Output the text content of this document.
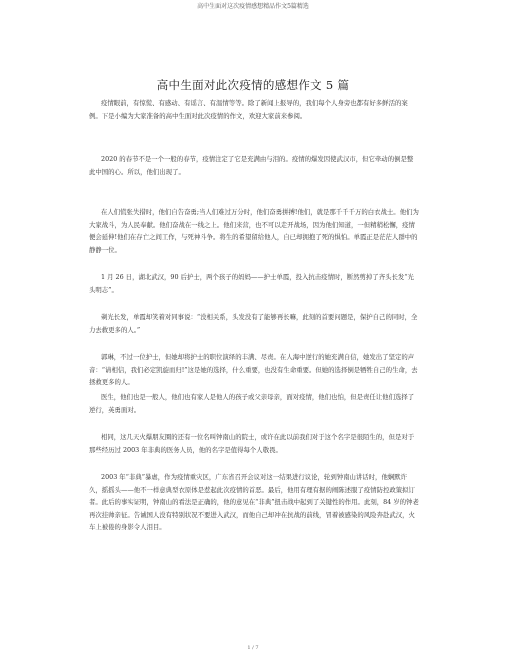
高中生面对这次疫情感想精品作文5篇精选
高中生面对此次疫情的感想作文 5 篇

疫情眼前，有惊慌、有感动、有谣言、有温情等等。除了新闻上报导的，我们每个人身旁也都有好多鲜活的案例。下是小编为大家准备的高中生面对此次疫情的作文，欢迎大家前来参阅。

2020 的春节不是一个一般的春节，疫情注定了它是充满由与泪的。疫情的爆发因使武汉市，但它牵动的倒是整此中国的心。所以，他们出现了。

在人们慌张失措时，他们自告奋勇;当人们难过万分时，他们奋勇拼搏!他们，就是那千千千万的白衣战士。他们为大家战斗，为人民奉献。他们奋战在一线之上。他们来营，也不可以走开战场，因为他们知道，一但精稍松懈，疫情便会延伸!他们在存亡之间工作，与死神斗争。将生的希望留给他人，自已却拥抱了死的惧怕。单霞正是茫茫人群中的静静一位。

1 月 26 日，湖北武汉，90 后护士，两个孩子的妈妈——护士单霞，投入抗击疫情时，断然剪掉了齐头长发“光头明志”。

剃光长发，单霞却笑着对同事说：“没相关系，头发没有了能够再长嘛，此刻的首要问题是，保护自己的同时，全力去救更多的人。”

郭琳，不过一位护士，但她却将护士的职位演绎的丰满、尽责。在人海中逆行的她充满自信，她发出了坚定的声音：“请相信，我们必定凯旋而归!”这是她的选择，什么重要，也没有生命重要。但她的选择倒是牺牲自己的生命，去拯救更多的人。

医生，他们也是一般人，他们也有家人是他人的孩子或父亲母亲，面对疫情，他们也怕，但是责任让他们选择了逆行，英勇面对。

相同，这几天火爆朋友圈的还有一位名叫钟南山的院士，或许在此以前我们对于这个名字是很陌生的，但是对于那些经历过 2003 年非典的医务人员，他的名字是值得每个人敬畏。

2003 年“非典”暴虐，作为疫情重灾区，广东省召开会议对这一结果进行议论，轮到钟南山讲话时，他娴默许久，摇摇头——他不一样意典型衣原体是惹起此次疫情的首恶。最后，他用有理有据的阐陈述服了疫情防控政策拟订者。此后的事实证明，钟南山的看法是正确的，他的意见在“非典”扭击战中起到了关键性的作用。此刻，84 岁的钟老再次挂帅亲征。告诫国人没有特别状况不要进入武汉，而他自己却冲在抗战的前线，冒着被感染的风险奔赴武汉，火车上被倦的身影令人泪目。

1 / 7
